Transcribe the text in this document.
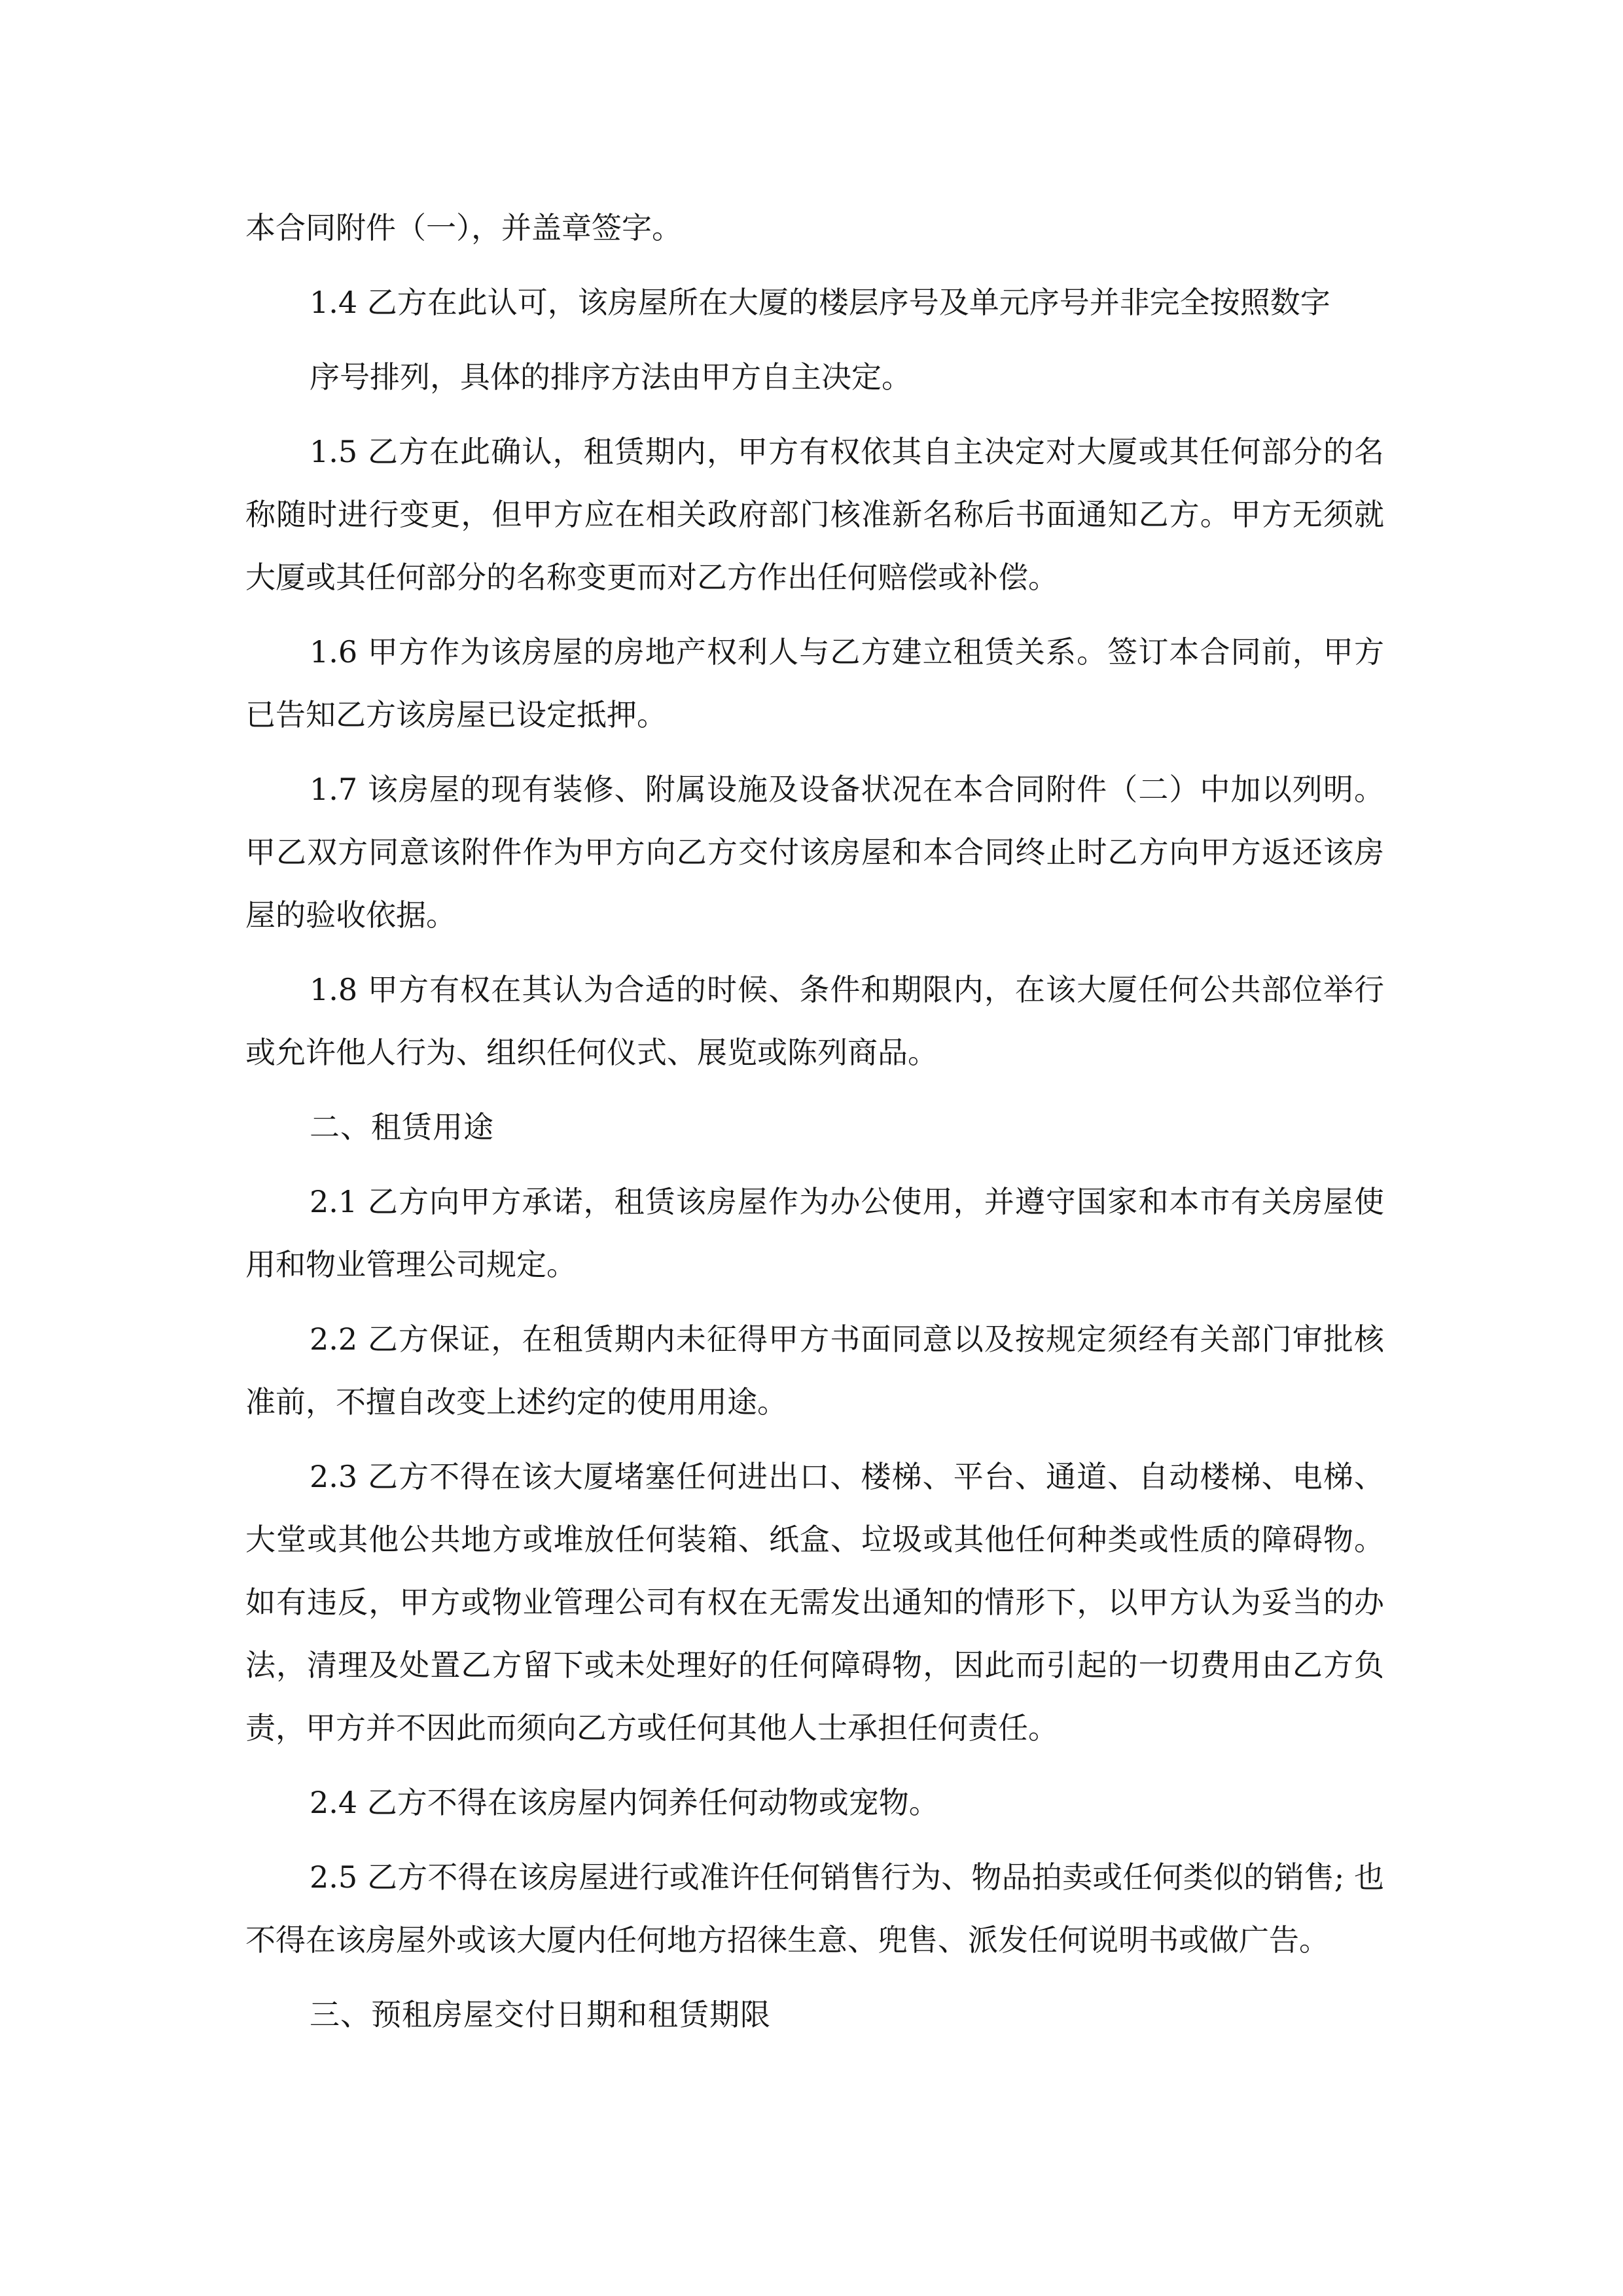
本合同附件（一），并盖章签字。

1.4 乙方在此认可，该房屋所在大厦的楼层序号及单元序号并非完全按照数字

序号排列，具体的排序方法由甲方自主决定。

1.5 乙方在此确认，租赁期内，甲方有权依其自主决定对大厦或其任何部分的名称随时进行变更，但甲方应在相关政府部门核准新名称后书面通知乙方。甲方无须就大厦或其任何部分的名称变更而对乙方作出任何赔偿或补偿。

1.6 甲方作为该房屋的房地产权利人与乙方建立租赁关系。签订本合同前，甲方已告知乙方该房屋已设定抵押。

1.7 该房屋的现有装修、附属设施及设备状况在本合同附件（二）中加以列明。甲乙双方同意该附件作为甲方向乙方交付该房屋和本合同终止时乙方向甲方返还该房屋的验收依据。

1.8 甲方有权在其认为合适的时候、条件和期限内，在该大厦任何公共部位举行或允许他人行为、组织任何仪式、展览或陈列商品。

二、租赁用途

2.1 乙方向甲方承诺，租赁该房屋作为办公使用，并遵守国家和本市有关房屋使用和物业管理公司规定。

2.2 乙方保证，在租赁期内未征得甲方书面同意以及按规定须经有关部门审批核准前，不擅自改变上述约定的使用用途。

2.3 乙方不得在该大厦堵塞任何进出口、楼梯、平台、通道、自动楼梯、电梯、大堂或其他公共地方或堆放任何装箱、纸盒、垃圾或其他任何种类或性质的障碍物。如有违反，甲方或物业管理公司有权在无需发出通知的情形下，以甲方认为妥当的办法，清理及处置乙方留下或未处理好的任何障碍物，因此而引起的一切费用由乙方负责，甲方并不因此而须向乙方或任何其他人士承担任何责任。

2.4 乙方不得在该房屋内饲养任何动物或宠物。

2.5 乙方不得在该房屋进行或准许任何销售行为、物品拍卖或任何类似的销售; 也不得在该房屋外或该大厦内任何地方招徕生意、兜售、派发任何说明书或做广告。

三、预租房屋交付日期和租赁期限
